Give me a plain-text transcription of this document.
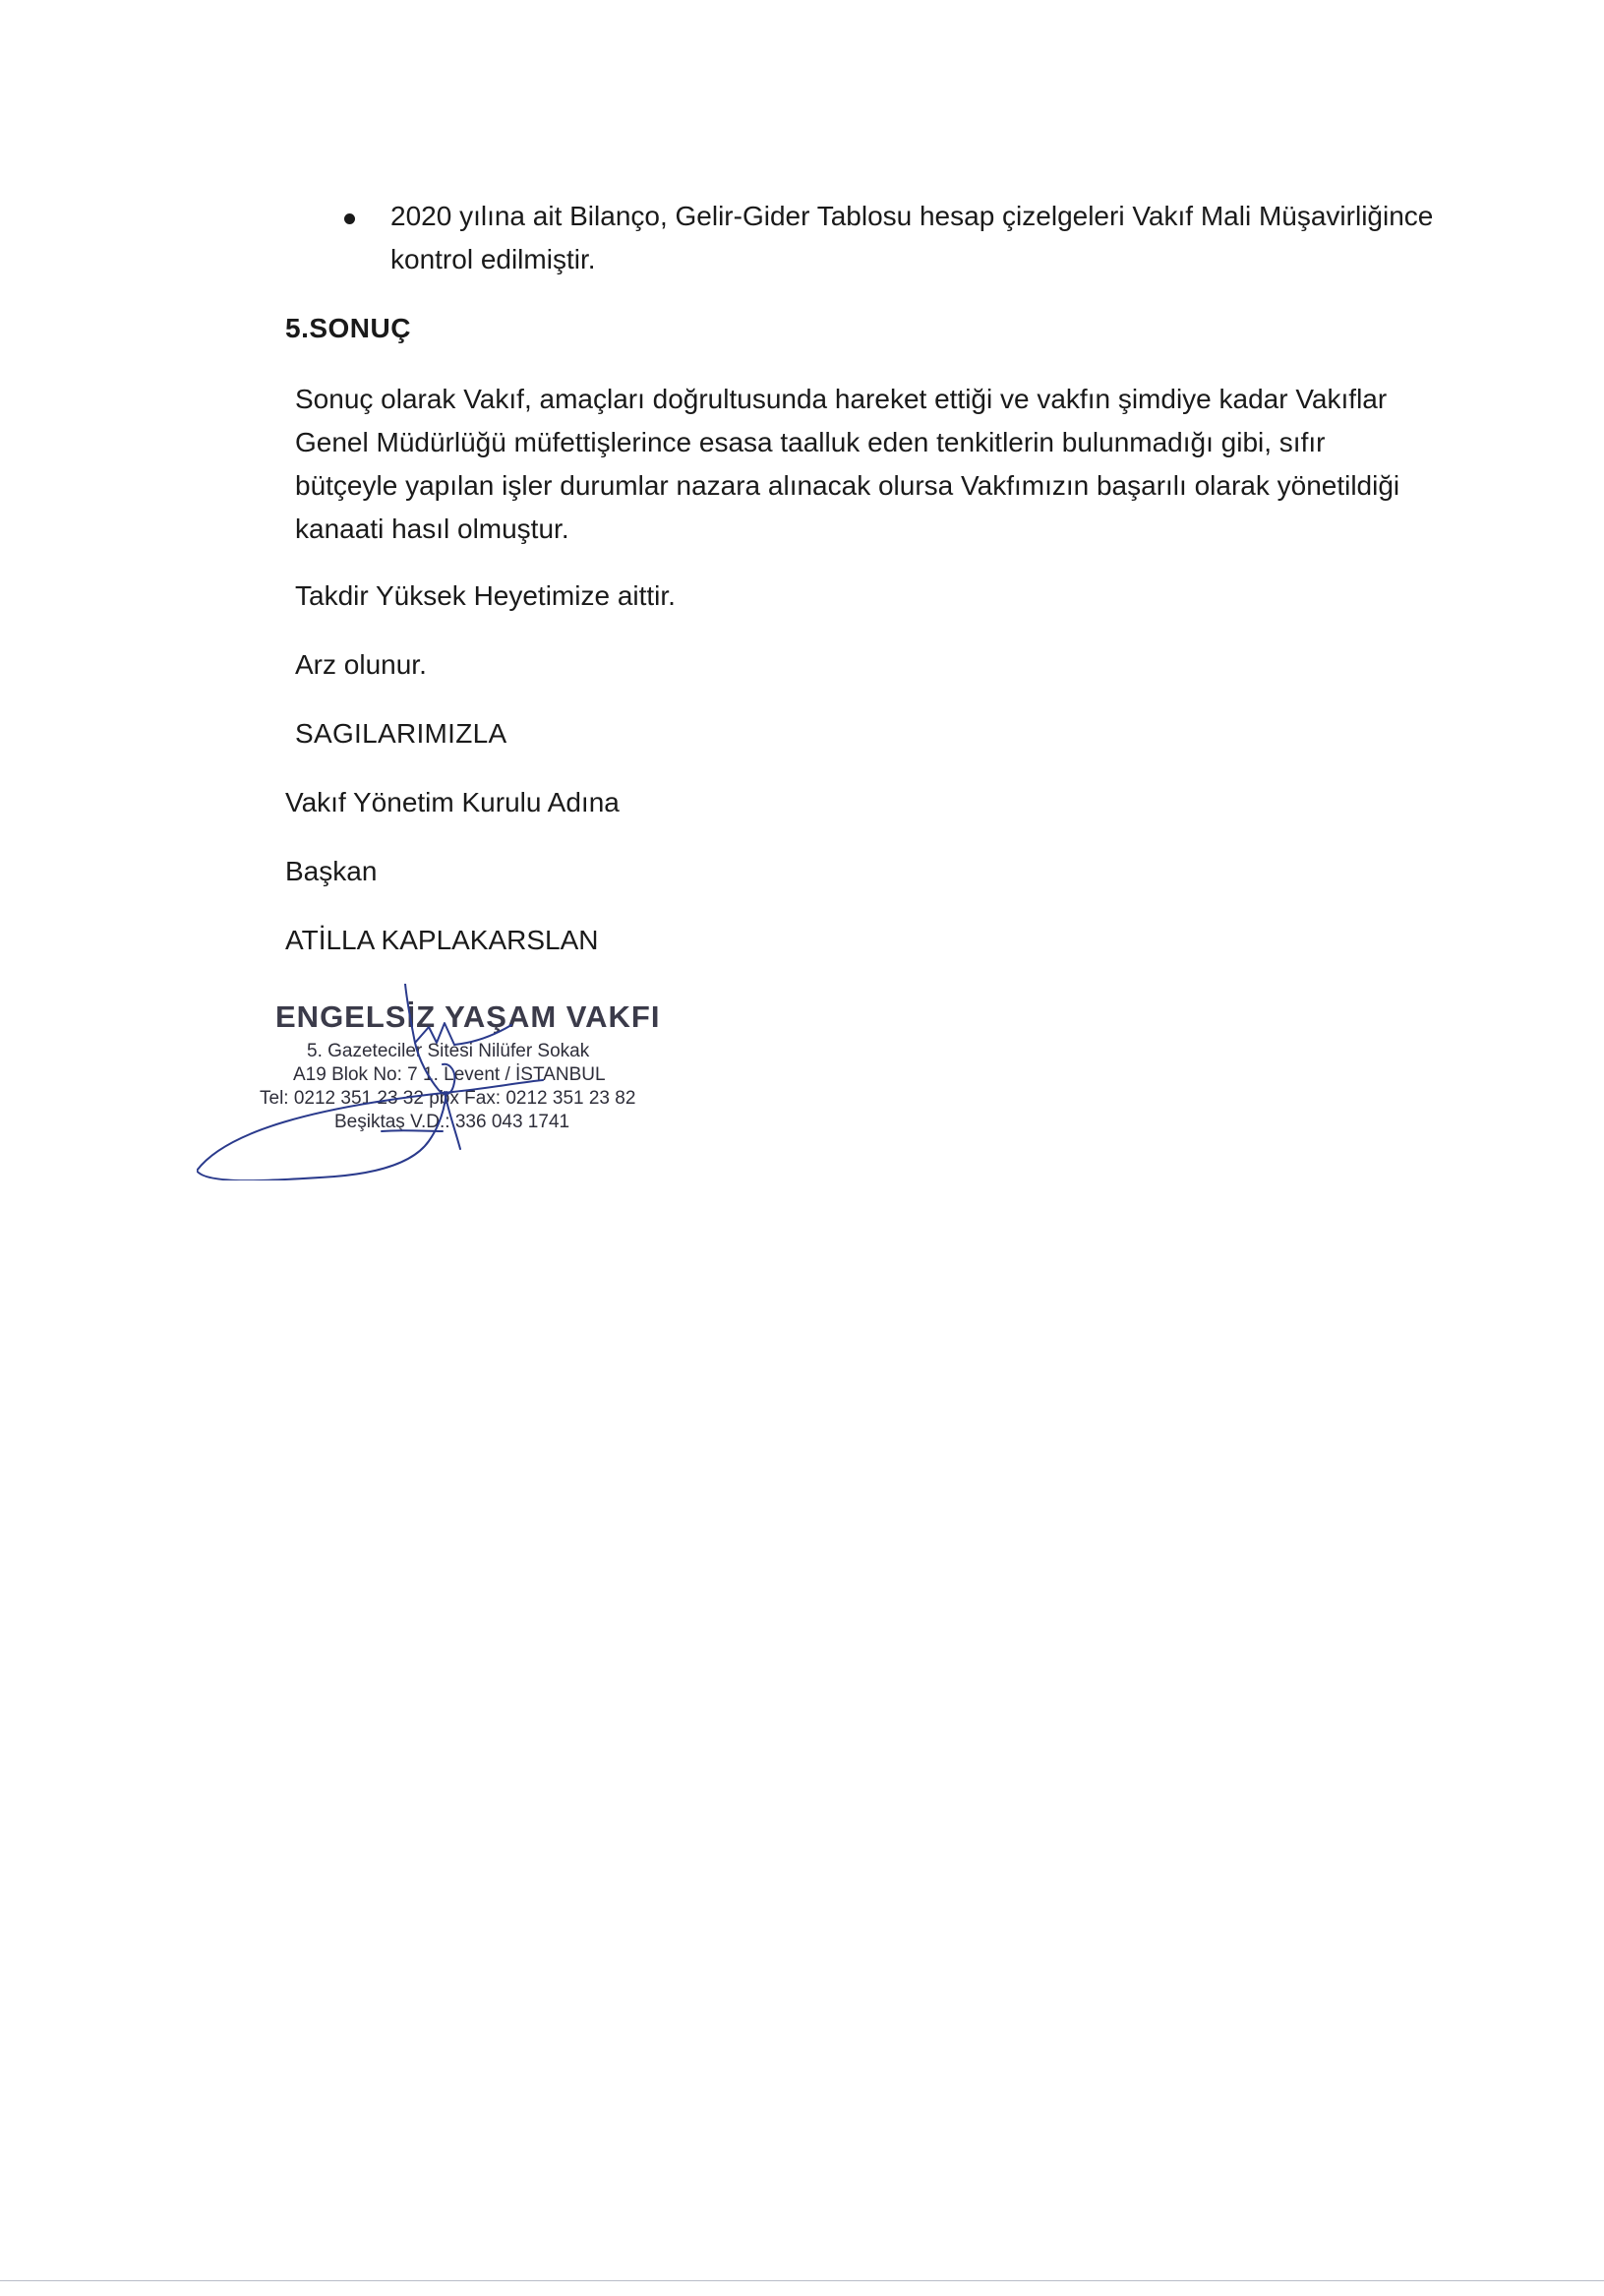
2020 yılına ait Bilanço, Gelir-Gider Tablosu hesap çizelgeleri Vakıf Mali Müşavirliğince kontrol edilmiştir.
5.SONUÇ
Sonuç olarak Vakıf, amaçları doğrultusunda hareket ettiği ve vakfın şimdiye kadar Vakıflar Genel Müdürlüğü müfettişlerince esasa taalluk eden tenkitlerin bulunmadığı gibi, sıfır bütçeyle yapılan işler durumlar nazara alınacak olursa Vakfımızın başarılı olarak yönetildiği kanaati hasıl olmuştur.
Takdir Yüksek Heyetimize aittir.
Arz olunur.
SAGILARIMIZLA
Vakıf Yönetim Kurulu Adına
Başkan
ATİLLA KAPLAKARSLAN
ENGELSİZ YAŞAM VAKFI
5. Gazeteciler Sitesi Nilüfer Sokak
A19 Blok No: 7 1. Levent / İSTANBUL
Tel: 0212 351 23 32 pbx Fax: 0212 351 23 82
Beşiktaş V.D.: 336 043 1741
